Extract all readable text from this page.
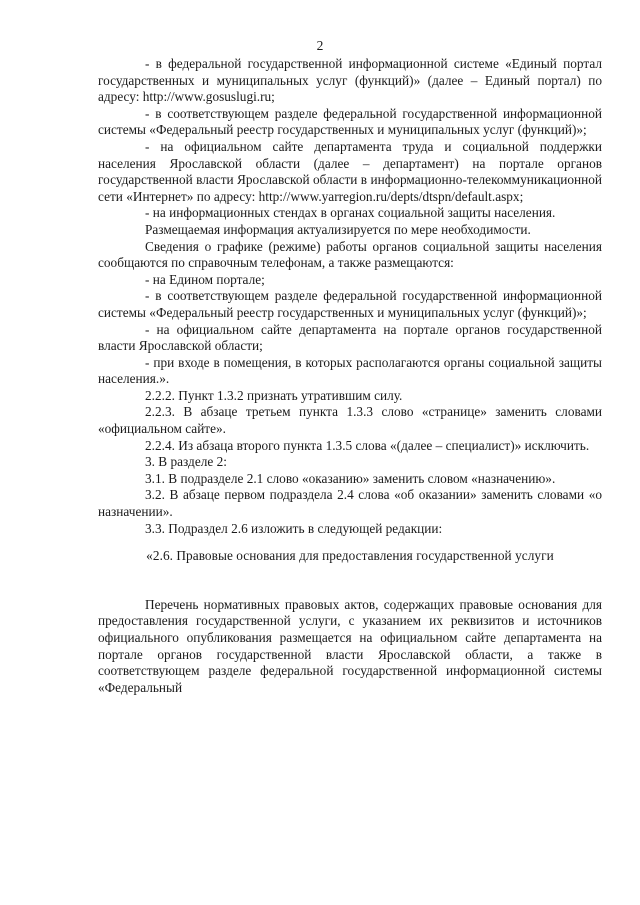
2

- в федеральной государственной информационной системе «Единый портал государственных и муниципальных услуг (функций)» (далее – Единый портал) по адресу: http://www.gosuslugi.ru;

- в соответствующем разделе федеральной государственной информационной системы «Федеральный реестр государственных и муниципальных услуг (функций)»;

- на официальном сайте департамента труда и социальной поддержки населения Ярославской области (далее – департамент) на портале органов государственной власти Ярославской области в информационно-телекоммуникационной сети «Интернет» по адресу: http://www.yarregion.ru/depts/dtspn/default.aspx;

- на информационных стендах в органах социальной защиты населения.

Размещаемая информация актуализируется по мере необходимости.

Сведения о графике (режиме) работы органов социальной защиты населения сообщаются по справочным телефонам, а также размещаются:

- на Едином портале;

- в соответствующем разделе федеральной государственной информационной системы «Федеральный реестр государственных и муниципальных услуг (функций)»;

- на официальном сайте департамента на портале органов государственной власти Ярославской области;

- при входе в помещения, в которых располагаются органы социальной защиты населения.».

2.2.2. Пункт 1.3.2 признать утратившим силу.

2.2.3. В абзаце третьем пункта 1.3.3 слово «странице» заменить словами «официальном сайте».

2.2.4. Из абзаца второго пункта 1.3.5 слова «(далее – специалист)» исключить.

3. В разделе 2:

3.1. В подразделе 2.1 слово «оказанию» заменить словом «назначению».

3.2. В абзаце первом подраздела 2.4 слова «об оказании» заменить словами «о назначении».

3.3. Подраздел 2.6 изложить в следующей редакции:

«2.6. Правовые основания для предоставления государственной услуги

Перечень нормативных правовых актов, содержащих правовые основания для предоставления государственной услуги, с указанием их реквизитов и источников официального опубликования размещается на официальном сайте департамента на портале органов государственной власти Ярославской области, а также в соответствующем разделе федеральной государственной информационной системы «Федеральный
